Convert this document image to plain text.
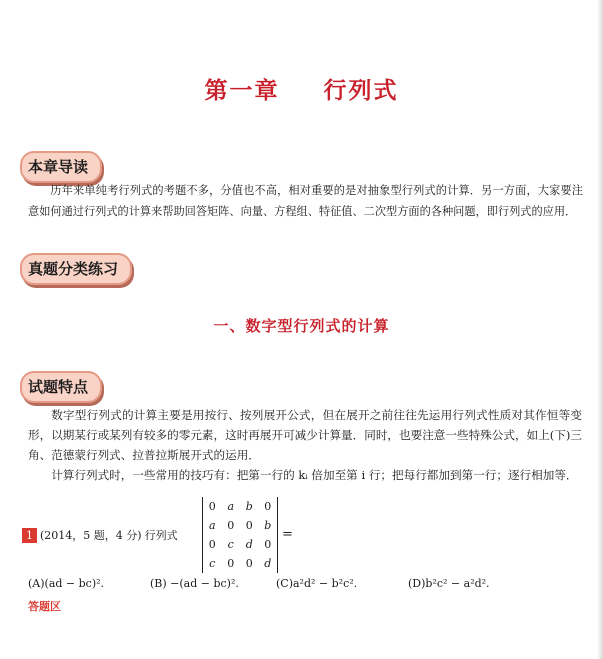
第一章 行列式
本章导读
历年来单纯考行列式的考题不多，分值也不高，相对重要的是对抽象型行列式的计算．另一方面，大家要注意如何通过行列式的计算来帮助回答矩阵、向量、方程组、特征值、二次型方面的各种问题，即行列式的应用．
真题分类练习
一、数字型行列式的计算
试题特点
数字型行列式的计算主要是用按行、按列展开公式，但在展开之前往往先运用行列式性质对其作恒等变形，以期某行或某列有较多的零元素，这时再展开可减少计算量．同时，也要注意一些特殊公式，如上(下)三角、范德蒙行列式、拉普拉斯展开式的运用．
计算行列式时，一些常用的技巧有：把第一行的 kᵢ 倍加至第 i 行；把每行都加到第一行；逐行相加等．
1 (2014，5 题，4 分) 行列式
0	a	b	0
a	0	0	b
0	c	d	0
c	0	0	d
=
(A)(ad − bc)².	(B) −(ad − bc)².	(C)a²d² − b²c².	(D)b²c² − a²d².
答题区
